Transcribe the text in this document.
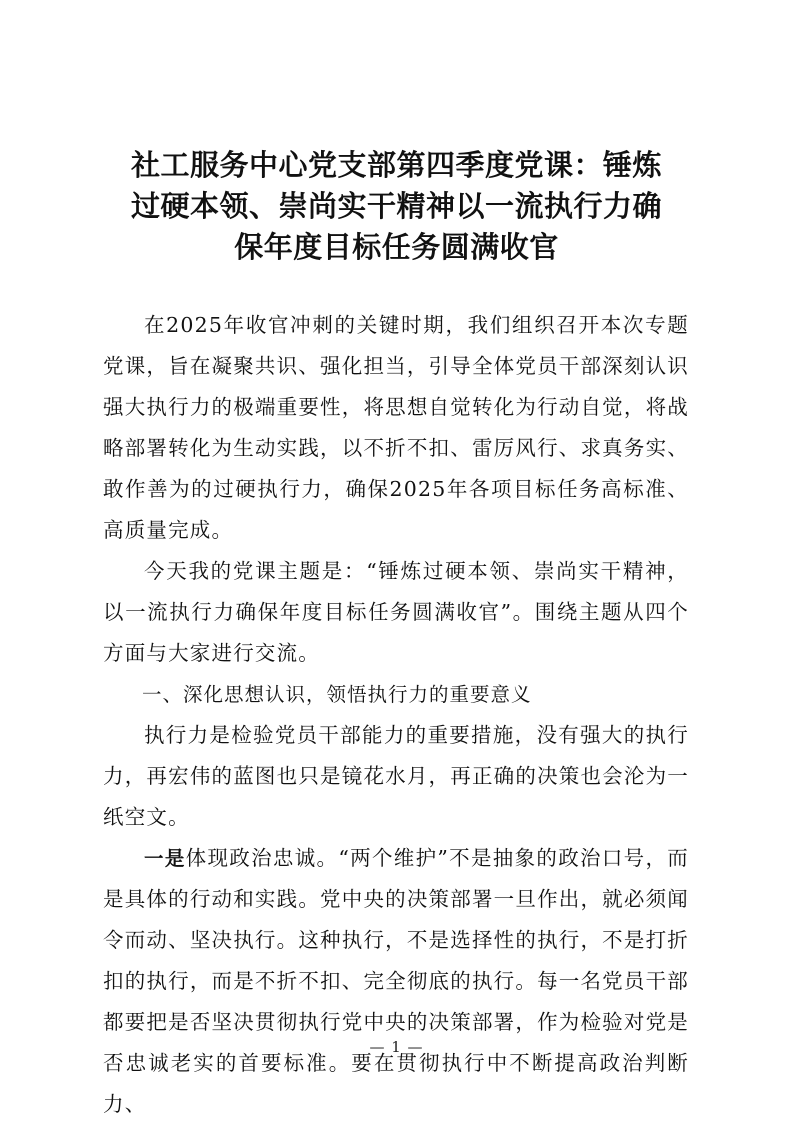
社工服务中心党支部第四季度党课：锤炼
过硬本领、崇尚实干精神以一流执行力确
保年度目标任务圆满收官

在2025年收官冲刺的关键时期，我们组织召开本次专题党课，旨在凝聚共识、强化担当，引导全体党员干部深刻认识强大执行力的极端重要性，将思想自觉转化为行动自觉，将战略部署转化为生动实践，以不折不扣、雷厉风行、求真务实、敢作善为的过硬执行力，确保2025年各项目标任务高标准、高质量完成。

今天我的党课主题是：“锤炼过硬本领、崇尚实干精神，以一流执行力确保年度目标任务圆满收官”。围绕主题从四个方面与大家进行交流。

一、深化思想认识，领悟执行力的重要意义

执行力是检验党员干部能力的重要措施，没有强大的执行力，再宏伟的蓝图也只是镜花水月，再正确的决策也会沦为一纸空文。

一是体现政治忠诚。“两个维护”不是抽象的政治口号，而是具体的行动和实践。党中央的决策部署一旦作出，就必须闻令而动、坚决执行。这种执行，不是选择性的执行，不是打折扣的执行，而是不折不扣、完全彻底的执行。每一名党员干部都要把是否坚决贯彻执行党中央的决策部署，作为检验对党是否忠诚老实的首要标准。要在贯彻执行中不断提高政治判断力、

— 1 —
